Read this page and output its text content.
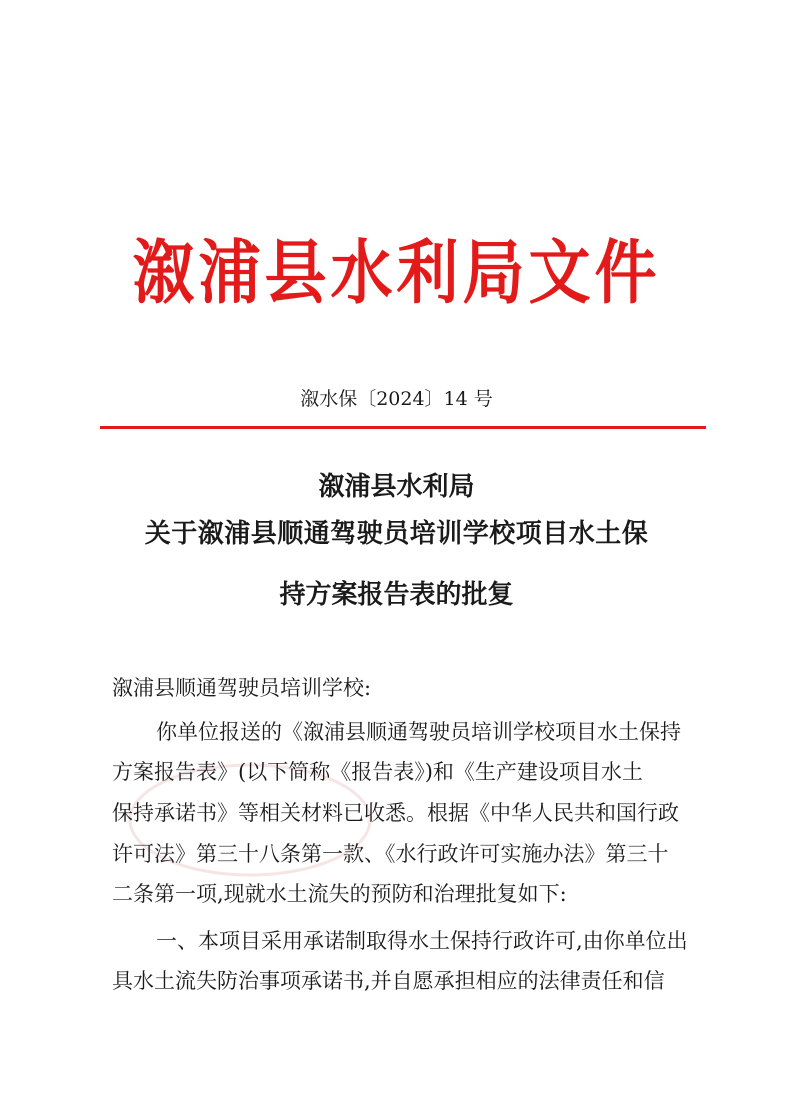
溆浦县水利局文件
溆水保〔2024〕14 号
溆浦县水利局
关于溆浦县顺通驾驶员培训学校项目水土保
持方案报告表的批复
溆浦县顺通驾驶员培训学校:
你单位报送的《溆浦县顺通驾驶员培训学校项目水土保持
方案报告表》(以下简称《报告表》)和《生产建设项目水土
保持承诺书》等相关材料已收悉。根据《中华人民共和国行政
许可法》第三十八条第一款、《水行政许可实施办法》第三十
二条第一项,现就水土流失的预防和治理批复如下:
一、本项目采用承诺制取得水土保持行政许可,由你单位出
具水土流失防治事项承诺书,并自愿承担相应的法律责任和信
